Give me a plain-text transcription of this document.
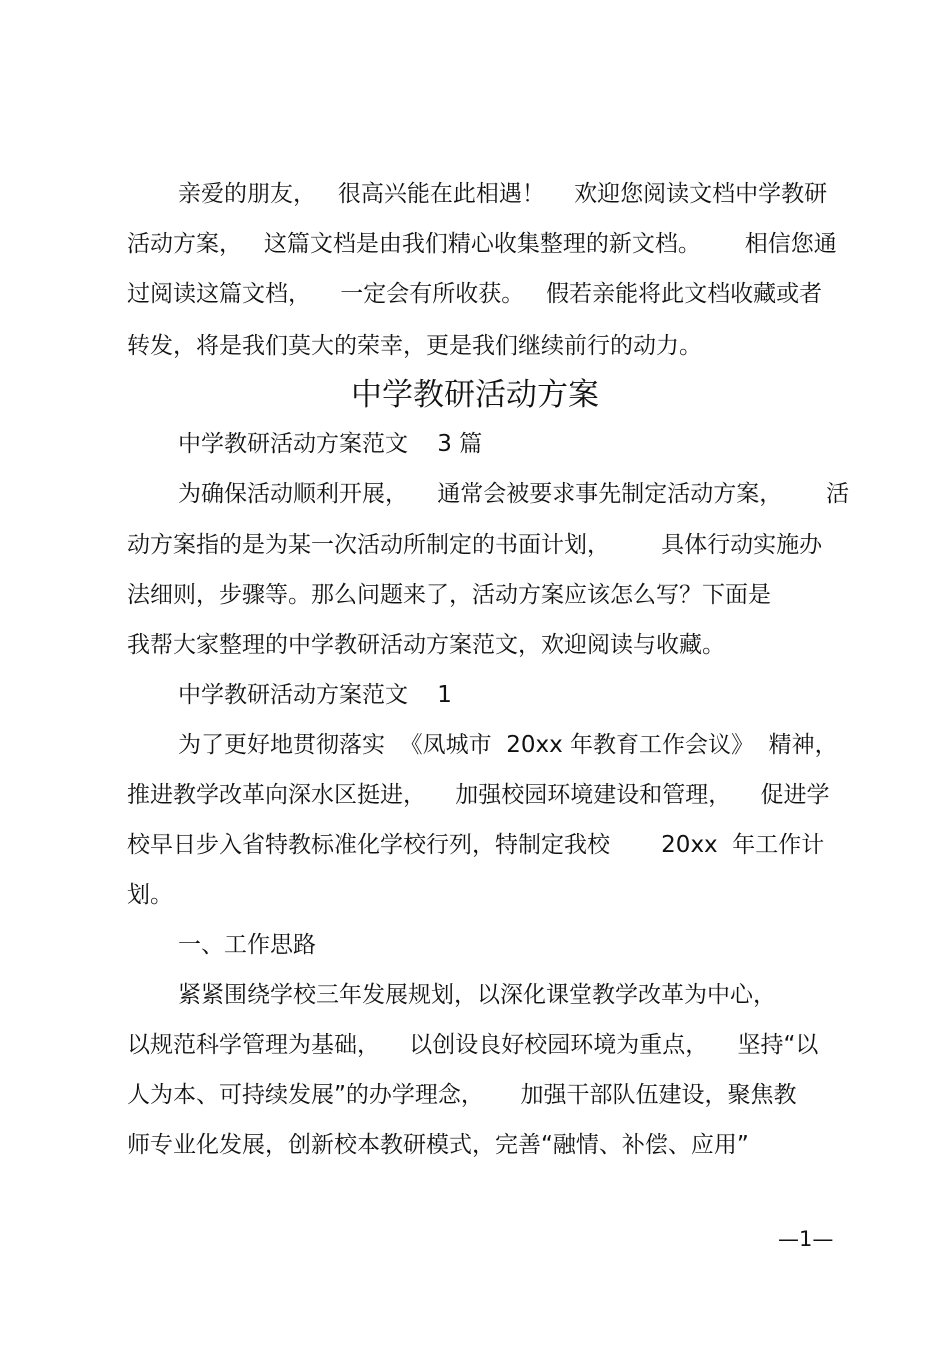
亲爱的朋友，   很高兴能在此相遇！    欢迎您阅读文档中学教研

活动方案，   这篇文档是由我们精心收集整理的新文档。      相信您通

过阅读这篇文档，    一定会有所收获。   假若亲能将此文档收藏或者

转发，将是我们莫大的荣幸，更是我们继续前行的动力。

中学教研活动方案

中学教研活动方案范文    3 篇

为确保活动顺利开展，    通常会被要求事先制定活动方案，      活

动方案指的是为某一次活动所制定的书面计划，       具体行动实施办

法细则，步骤等。那么问题来了，活动方案应该怎么写？下面是

我帮大家整理的中学教研活动方案范文，欢迎阅读与收藏。

中学教研活动方案范文    1

为了更好地贯彻落实  《凤城市  20xx 年教育工作会议》  精神，

推进教学改革向深水区挺进，    加强校园环境建设和管理，    促进学

校早日步入省特教标准化学校行列，特制定我校       20xx  年工作计

划。

一、工作思路

紧紧围绕学校三年发展规划，以深化课堂教学改革为中心，

以规范科学管理为基础，    以创设良好校园环境为重点，    坚持“以

人为本、可持续发展”的办学理念，     加强干部队伍建设，聚焦教

师专业化发展，创新校本教研模式，完善“融情、补偿、应用”

—1—
